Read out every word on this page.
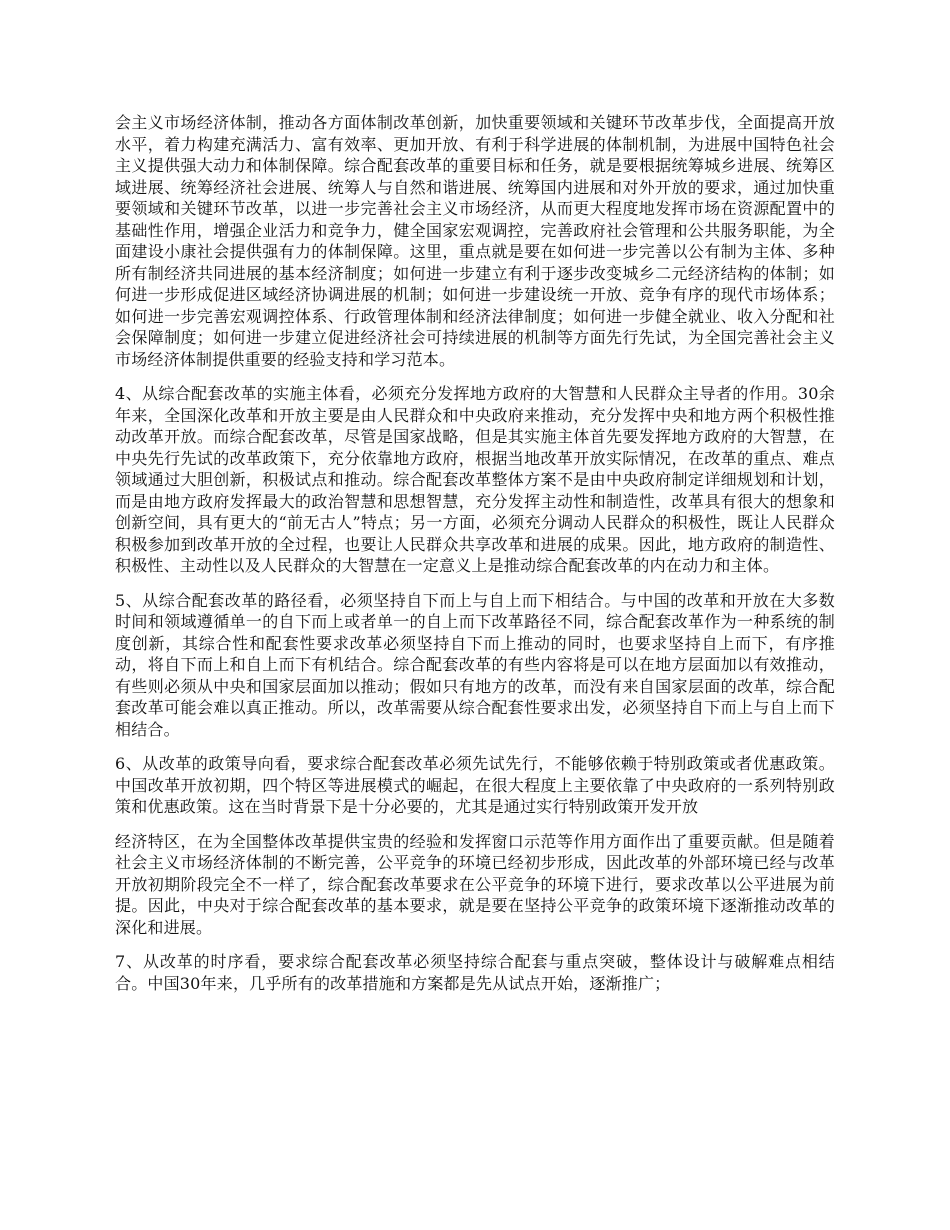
会主义市场经济体制，推动各方面体制改革创新，加快重要领域和关键环节改革步伐，全面提高开放水平，着力构建充满活力、富有效率、更加开放、有利于科学进展的体制机制，为进展中国特色社会主义提供强大动力和体制保障。综合配套改革的重要目标和任务，就是要根据统筹城乡进展、统筹区域进展、统筹经济社会进展、统筹人与自然和谐进展、统筹国内进展和对外开放的要求，通过加快重要领域和关键环节改革，以进一步完善社会主义市场经济，从而更大程度地发挥市场在资源配置中的基础性作用，增强企业活力和竞争力，健全国家宏观调控，完善政府社会管理和公共服务职能，为全面建设小康社会提供强有力的体制保障。这里，重点就是要在如何进一步完善以公有制为主体、多种所有制经济共同进展的基本经济制度；如何进一步建立有利于逐步改变城乡二元经济结构的体制；如何进一步形成促进区域经济协调进展的机制；如何进一步建设统一开放、竞争有序的现代市场体系；如何进一步完善宏观调控体系、行政管理体制和经济法律制度；如何进一步健全就业、收入分配和社会保障制度；如何进一步建立促进经济社会可持续进展的机制等方面先行先试，为全国完善社会主义市场经济体制提供重要的经验支持和学习范本。

4、从综合配套改革的实施主体看，必须充分发挥地方政府的大智慧和人民群众主导者的作用。30余年来，全国深化改革和开放主要是由人民群众和中央政府来推动，充分发挥中央和地方两个积极性推动改革开放。而综合配套改革，尽管是国家战略，但是其实施主体首先要发挥地方政府的大智慧，在中央先行先试的改革政策下，充分依靠地方政府，根据当地改革开放实际情况，在改革的重点、难点领域通过大胆创新，积极试点和推动。综合配套改革整体方案不是由中央政府制定详细规划和计划，而是由地方政府发挥最大的政治智慧和思想智慧，充分发挥主动性和制造性，改革具有很大的想象和创新空间，具有更大的“前无古人”特点；另一方面，必须充分调动人民群众的积极性，既让人民群众积极参加到改革开放的全过程，也要让人民群众共享改革和进展的成果。因此，地方政府的制造性、积极性、主动性以及人民群众的大智慧在一定意义上是推动综合配套改革的内在动力和主体。

5、从综合配套改革的路径看，必须坚持自下而上与自上而下相结合。与中国的改革和开放在大多数时间和领域遵循单一的自下而上或者单一的自上而下改革路径不同，综合配套改革作为一种系统的制度创新，其综合性和配套性要求改革必须坚持自下而上推动的同时，也要求坚持自上而下，有序推动，将自下而上和自上而下有机结合。综合配套改革的有些内容将是可以在地方层面加以有效推动，有些则必须从中央和国家层面加以推动；假如只有地方的改革，而没有来自国家层面的改革，综合配套改革可能会难以真正推动。所以，改革需要从综合配套性要求出发，必须坚持自下而上与自上而下相结合。

6、从改革的政策导向看，要求综合配套改革必须先试先行，不能够依赖于特别政策或者优惠政策。中国改革开放初期，四个特区等进展模式的崛起，在很大程度上主要依靠了中央政府的一系列特别政策和优惠政策。这在当时背景下是十分必要的，尤其是通过实行特别政策开发开放

经济特区，在为全国整体改革提供宝贵的经验和发挥窗口示范等作用方面作出了重要贡献。但是随着社会主义市场经济体制的不断完善，公平竞争的环境已经初步形成，因此改革的外部环境已经与改革开放初期阶段完全不一样了，综合配套改革要求在公平竞争的环境下进行，要求改革以公平进展为前提。因此，中央对于综合配套改革的基本要求，就是要在坚持公平竞争的政策环境下逐渐推动改革的深化和进展。

7、从改革的时序看，要求综合配套改革必须坚持综合配套与重点突破，整体设计与破解难点相结合。中国30年来，几乎所有的改革措施和方案都是先从试点开始，逐渐推广；
